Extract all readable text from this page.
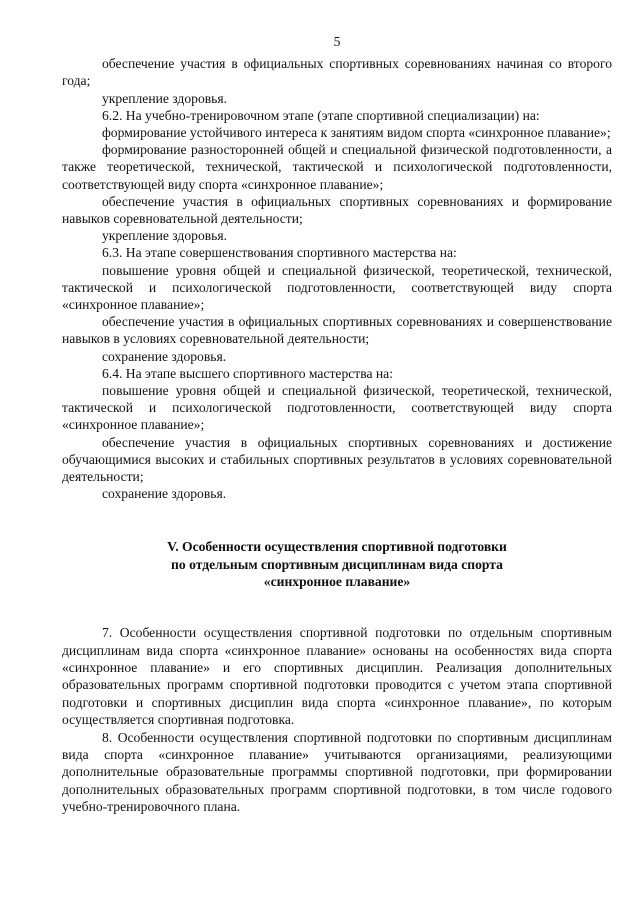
5

обеспечение участия в официальных спортивных соревнованиях начиная со второго года;

укрепление здоровья.

6.2. На учебно-тренировочном этапе (этапе спортивной специализации) на:

формирование устойчивого интереса к занятиям видом спорта «синхронное плавание»;

формирование разносторонней общей и специальной физической подготовленности, а также теоретической, технической, тактической и психологической подготовленности, соответствующей виду спорта «синхронное плавание»;

обеспечение участия в официальных спортивных соревнованиях и формирование навыков соревновательной деятельности;

укрепление здоровья.

6.3. На этапе совершенствования спортивного мастерства на:

повышение уровня общей и специальной физической, теоретической, технической, тактической и психологической подготовленности, соответствующей виду спорта «синхронное плавание»;

обеспечение участия в официальных спортивных соревнованиях и совершенствование навыков в условиях соревновательной деятельности;

сохранение здоровья.

6.4. На этапе высшего спортивного мастерства на:

повышение уровня общей и специальной физической, теоретической, технической, тактической и психологической подготовленности, соответствующей виду спорта «синхронное плавание»;

обеспечение участия в официальных спортивных соревнованиях и достижение обучающимися высоких и стабильных спортивных результатов в условиях соревновательной деятельности;

сохранение здоровья.

V. Особенности осуществления спортивной подготовки
по отдельным спортивным дисциплинам вида спорта
«синхронное плавание»

7. Особенности осуществления спортивной подготовки по отдельным спортивным дисциплинам вида спорта «синхронное плавание» основаны на особенностях вида спорта «синхронное плавание» и его спортивных дисциплин. Реализация дополнительных образовательных программ спортивной подготовки проводится с учетом этапа спортивной подготовки и спортивных дисциплин вида спорта «синхронное плавание», по которым осуществляется спортивная подготовка.

8. Особенности осуществления спортивной подготовки по спортивным дисциплинам вида спорта «синхронное плавание» учитываются организациями, реализующими дополнительные образовательные программы спортивной подготовки, при формировании дополнительных образовательных программ спортивной подготовки, в том числе годового учебно-тренировочного плана.
